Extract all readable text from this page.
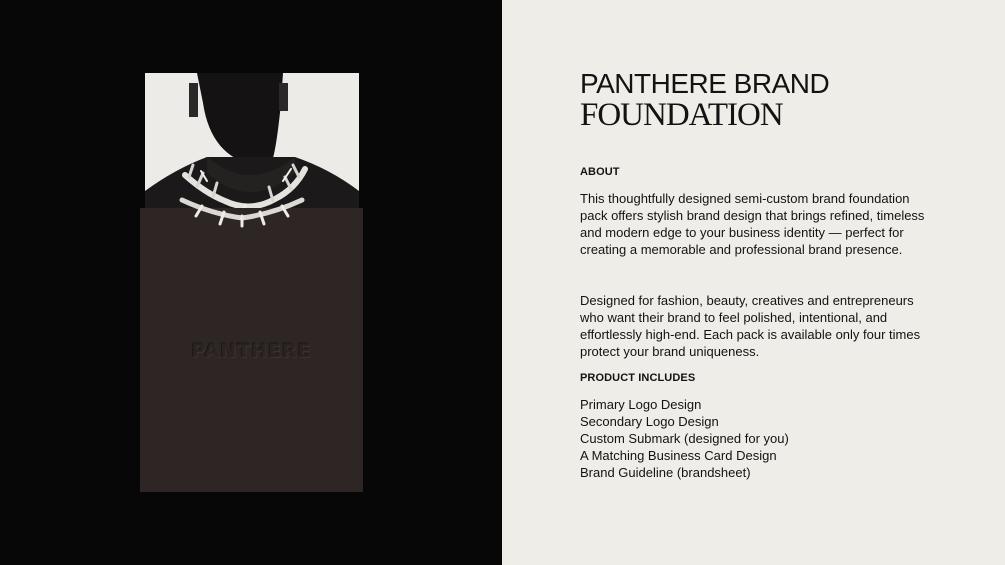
PANTHERE
PANTHERE BRAND
FOUNDATION
ABOUT

This thoughtfully designed semi-custom brand foundation pack offers stylish brand design that brings refined, timeless and modern edge to your business identity — perfect for creating a memorable and professional brand presence.

Designed for fashion, beauty, creatives and entrepreneurs who want their brand to feel polished, intentional, and effortlessly high-end. Each pack is available only four times protect your brand uniqueness.

PRODUCT INCLUDES
Primary Logo Design
Secondary Logo Design
Custom Submark (designed for you)
A Matching Business Card Design
Brand Guideline (brandsheet)
